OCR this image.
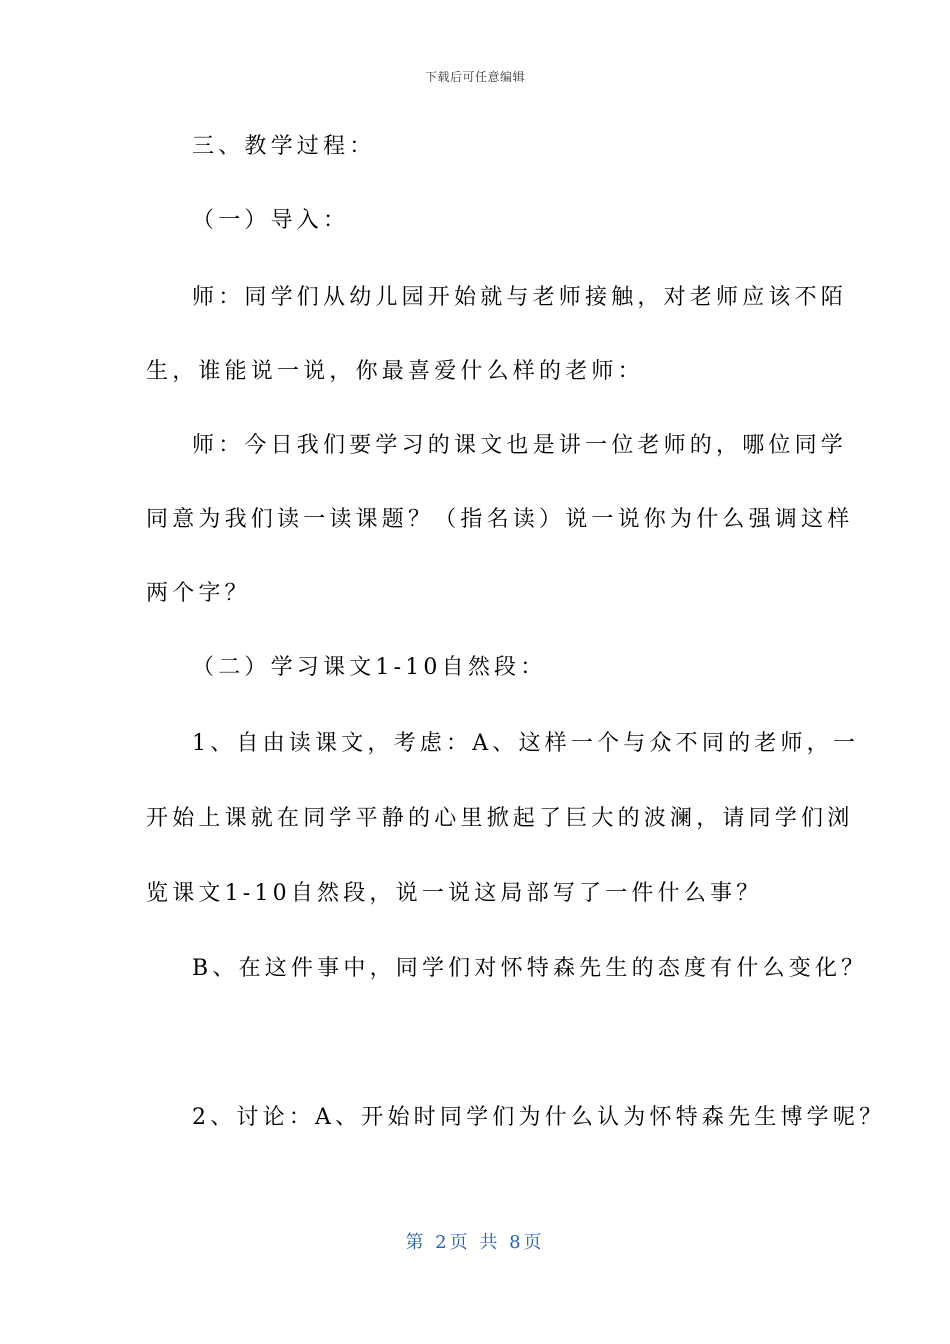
下载后可任意编辑
三、教学过程：
（一）导入：
师：同学们从幼儿园开始就与老师接触，对老师应该不陌
生，谁能说一说，你最喜爱什么样的老师：
师：今日我们要学习的课文也是讲一位老师的，哪位同学
同意为我们读一读课题？（指名读）说一说你为什么强调这样
两个字？
（二）学习课文1-10自然段：
1、自由读课文，考虑：A、这样一个与众不同的老师，一
开始上课就在同学平静的心里掀起了巨大的波澜，请同学们浏
览课文1-10自然段，说一说这局部写了一件什么事？
B、在这件事中，同学们对怀特森先生的态度有什么变化？
2、讨论：A、开始时同学们为什么认为怀特森先生博学呢？
第 2页 共 8页
